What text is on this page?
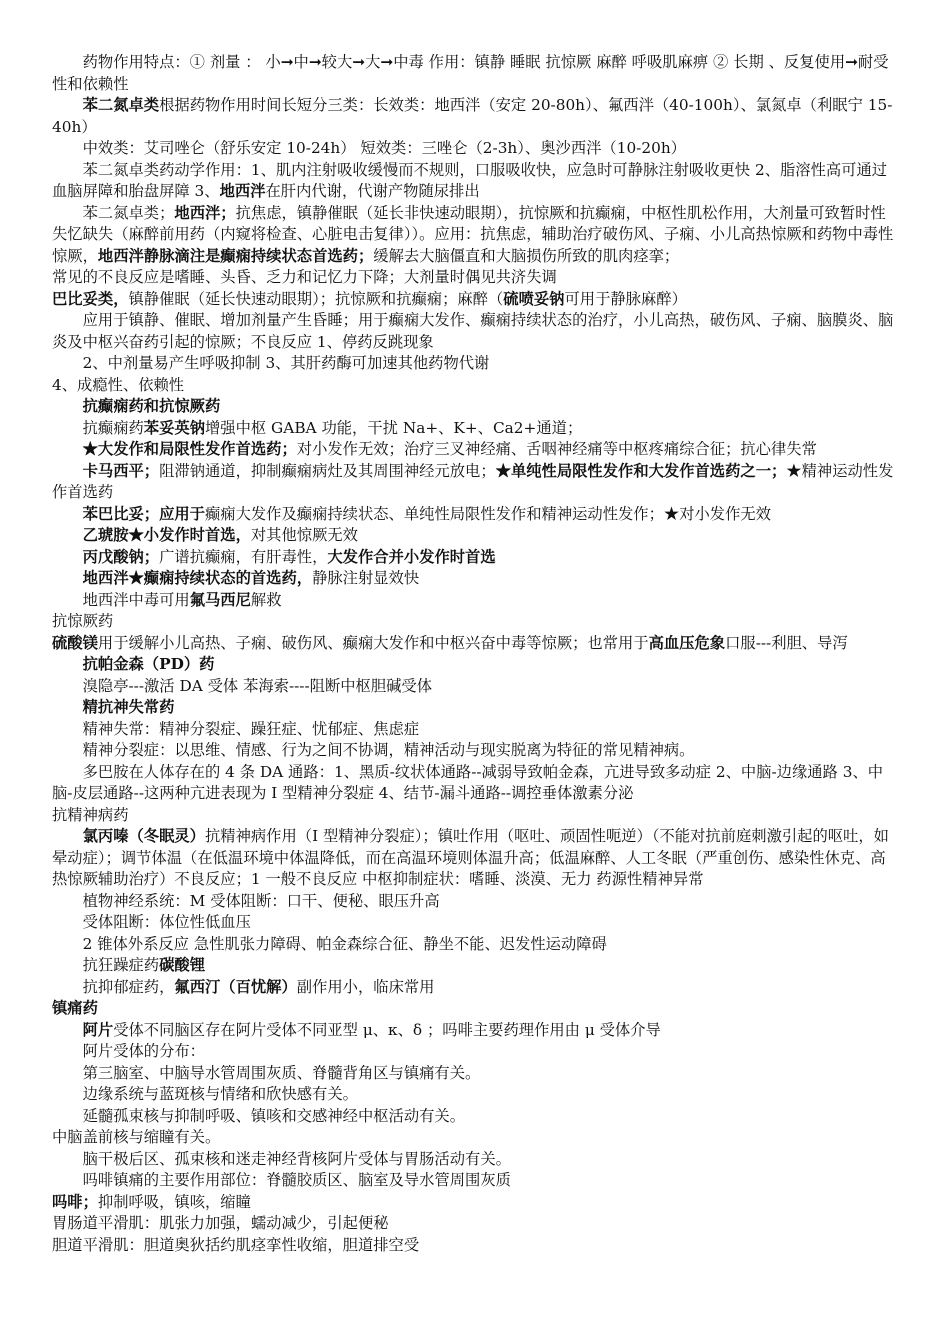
药物作用特点：① 剂量 ： 小➞中➞较大➞大➞中毒 作用：镇静 睡眠 抗惊厥 麻醉 呼吸肌麻痹 ② 长期 、反复使用➞耐受性和依赖性

苯二氮卓类根据药物作用时间长短分三类：长效类：地西泮（安定 20-80h）、氟西泮（40-100h）、氯氮卓（利眠宁 15-40h）

中效类：艾司唑仑（舒乐安定 10-24h） 短效类：三唑仑（2-3h）、奥沙西泮（10-20h）

苯二氮卓类药动学作用：1、肌内注射吸收缓慢而不规则，口服吸收快，应急时可静脉注射吸收更快 2、脂溶性高可通过血脑屏障和胎盘屏障 3、地西泮在肝内代谢，代谢产物随尿排出

苯二氮卓类；地西泮；抗焦虑，镇静催眠（延长非快速动眼期），抗惊厥和抗癫痫，中枢性肌松作用，大剂量可致暂时性失忆缺失（麻醉前用药（内窥将检查、心脏电击复律））。应用：抗焦虑，辅助治疗破伤风、子痫、小儿高热惊厥和药物中毒性惊厥，地西泮静脉滴注是癫痫持续状态首选药；缓解去大脑僵直和大脑损伤所致的肌肉痉挛；

常见的不良反应是嗜睡、头昏、乏力和记忆力下降；大剂量时偶见共济失调

巴比妥类，镇静催眠（延长快速动眼期）；抗惊厥和抗癫痫；麻醉（硫喷妥钠可用于静脉麻醉）

应用于镇静、催眠、增加剂量产生昏睡；用于癫痫大发作、癫痫持续状态的治疗，小儿高热，破伤风、子痫、脑膜炎、脑炎及中枢兴奋药引起的惊厥；不良反应 1、停药反跳现象

2、中剂量易产生呼吸抑制 3、其肝药酶可加速其他药物代谢

4、成瘾性、依赖性

抗癫痫药和抗惊厥药

抗癫痫药苯妥英钠增强中枢 GABA 功能，干扰 Na+、K+、Ca2+通道；

★大发作和局限性发作首选药；对小发作无效；治疗三叉神经痛、舌咽神经痛等中枢疼痛综合征；抗心律失常

卡马西平；阻滞钠通道，抑制癫痫病灶及其周围神经元放电；★单纯性局限性发作和大发作首选药之一；★精神运动性发作首选药

苯巴比妥；应用于癫痫大发作及癫痫持续状态、单纯性局限性发作和精神运动性发作；★对小发作无效

乙琥胺★小发作时首选，对其他惊厥无效

丙戊酸钠；广谱抗癫痫，有肝毒性，大发作合并小发作时首选

地西泮★癫痫持续状态的首选药，静脉注射显效快

地西泮中毒可用氟马西尼解救

抗惊厥药

硫酸镁用于缓解小儿高热、子痫、破伤风、癫痫大发作和中枢兴奋中毒等惊厥；也常用于高血压危象口服---利胆、导泻

抗帕金森（PD）药

溴隐亭---激活 DA 受体 苯海索----阻断中枢胆碱受体

精抗神失常药

精神失常：精神分裂症、躁狂症、忧郁症、焦虑症

精神分裂症：以思维、情感、行为之间不协调，精神活动与现实脱离为特征的常见精神病。

多巴胺在人体存在的 4 条 DA 通路：1、黑质-纹状体通路--减弱导致帕金森，亢进导致多动症 2、中脑-边缘通路 3、中脑-皮层通路--这两种亢进表现为 I 型精神分裂症 4、结节-漏斗通路--调控垂体激素分泌

抗精神病药

氯丙嗪（冬眠灵）抗精神病作用（I 型精神分裂症）；镇吐作用（呕吐、顽固性呃逆）（不能对抗前庭刺激引起的呕吐，如晕动症）；调节体温（在低温环境中体温降低，而在高温环境则体温升高；低温麻醉、人工冬眠（严重创伤、感染性休克、高热惊厥辅助治疗）不良反应；1 一般不良反应 中枢抑制症状：嗜睡、淡漠、无力 药源性精神异常

植物神经系统：M 受体阻断：口干、便秘、眼压升高

受体阻断：体位性低血压

2 锥体外系反应 急性肌张力障碍、帕金森综合征、静坐不能、迟发性运动障碍

抗狂躁症药碳酸锂

抗抑郁症药，氟西汀（百忧解）副作用小，临床常用

镇痛药

阿片受体不同脑区存在阿片受体不同亚型 μ、κ、δ ；吗啡主要药理作用由 μ 受体介导

阿片受体的分布：

第三脑室、中脑导水管周围灰质、脊髓背角区与镇痛有关。

边缘系统与蓝斑核与情绪和欣快感有关。

延髓孤束核与抑制呼吸、镇咳和交感神经中枢活动有关。

中脑盖前核与缩瞳有关。

脑干极后区、孤束核和迷走神经背核阿片受体与胃肠活动有关。

吗啡镇痛的主要作用部位：脊髓胶质区、脑室及导水管周围灰质

吗啡；抑制呼吸，镇咳，缩瞳

胃肠道平滑肌：肌张力加强，蠕动减少，引起便秘

胆道平滑肌：胆道奥狄括约肌痉挛性收缩，胆道排空受
